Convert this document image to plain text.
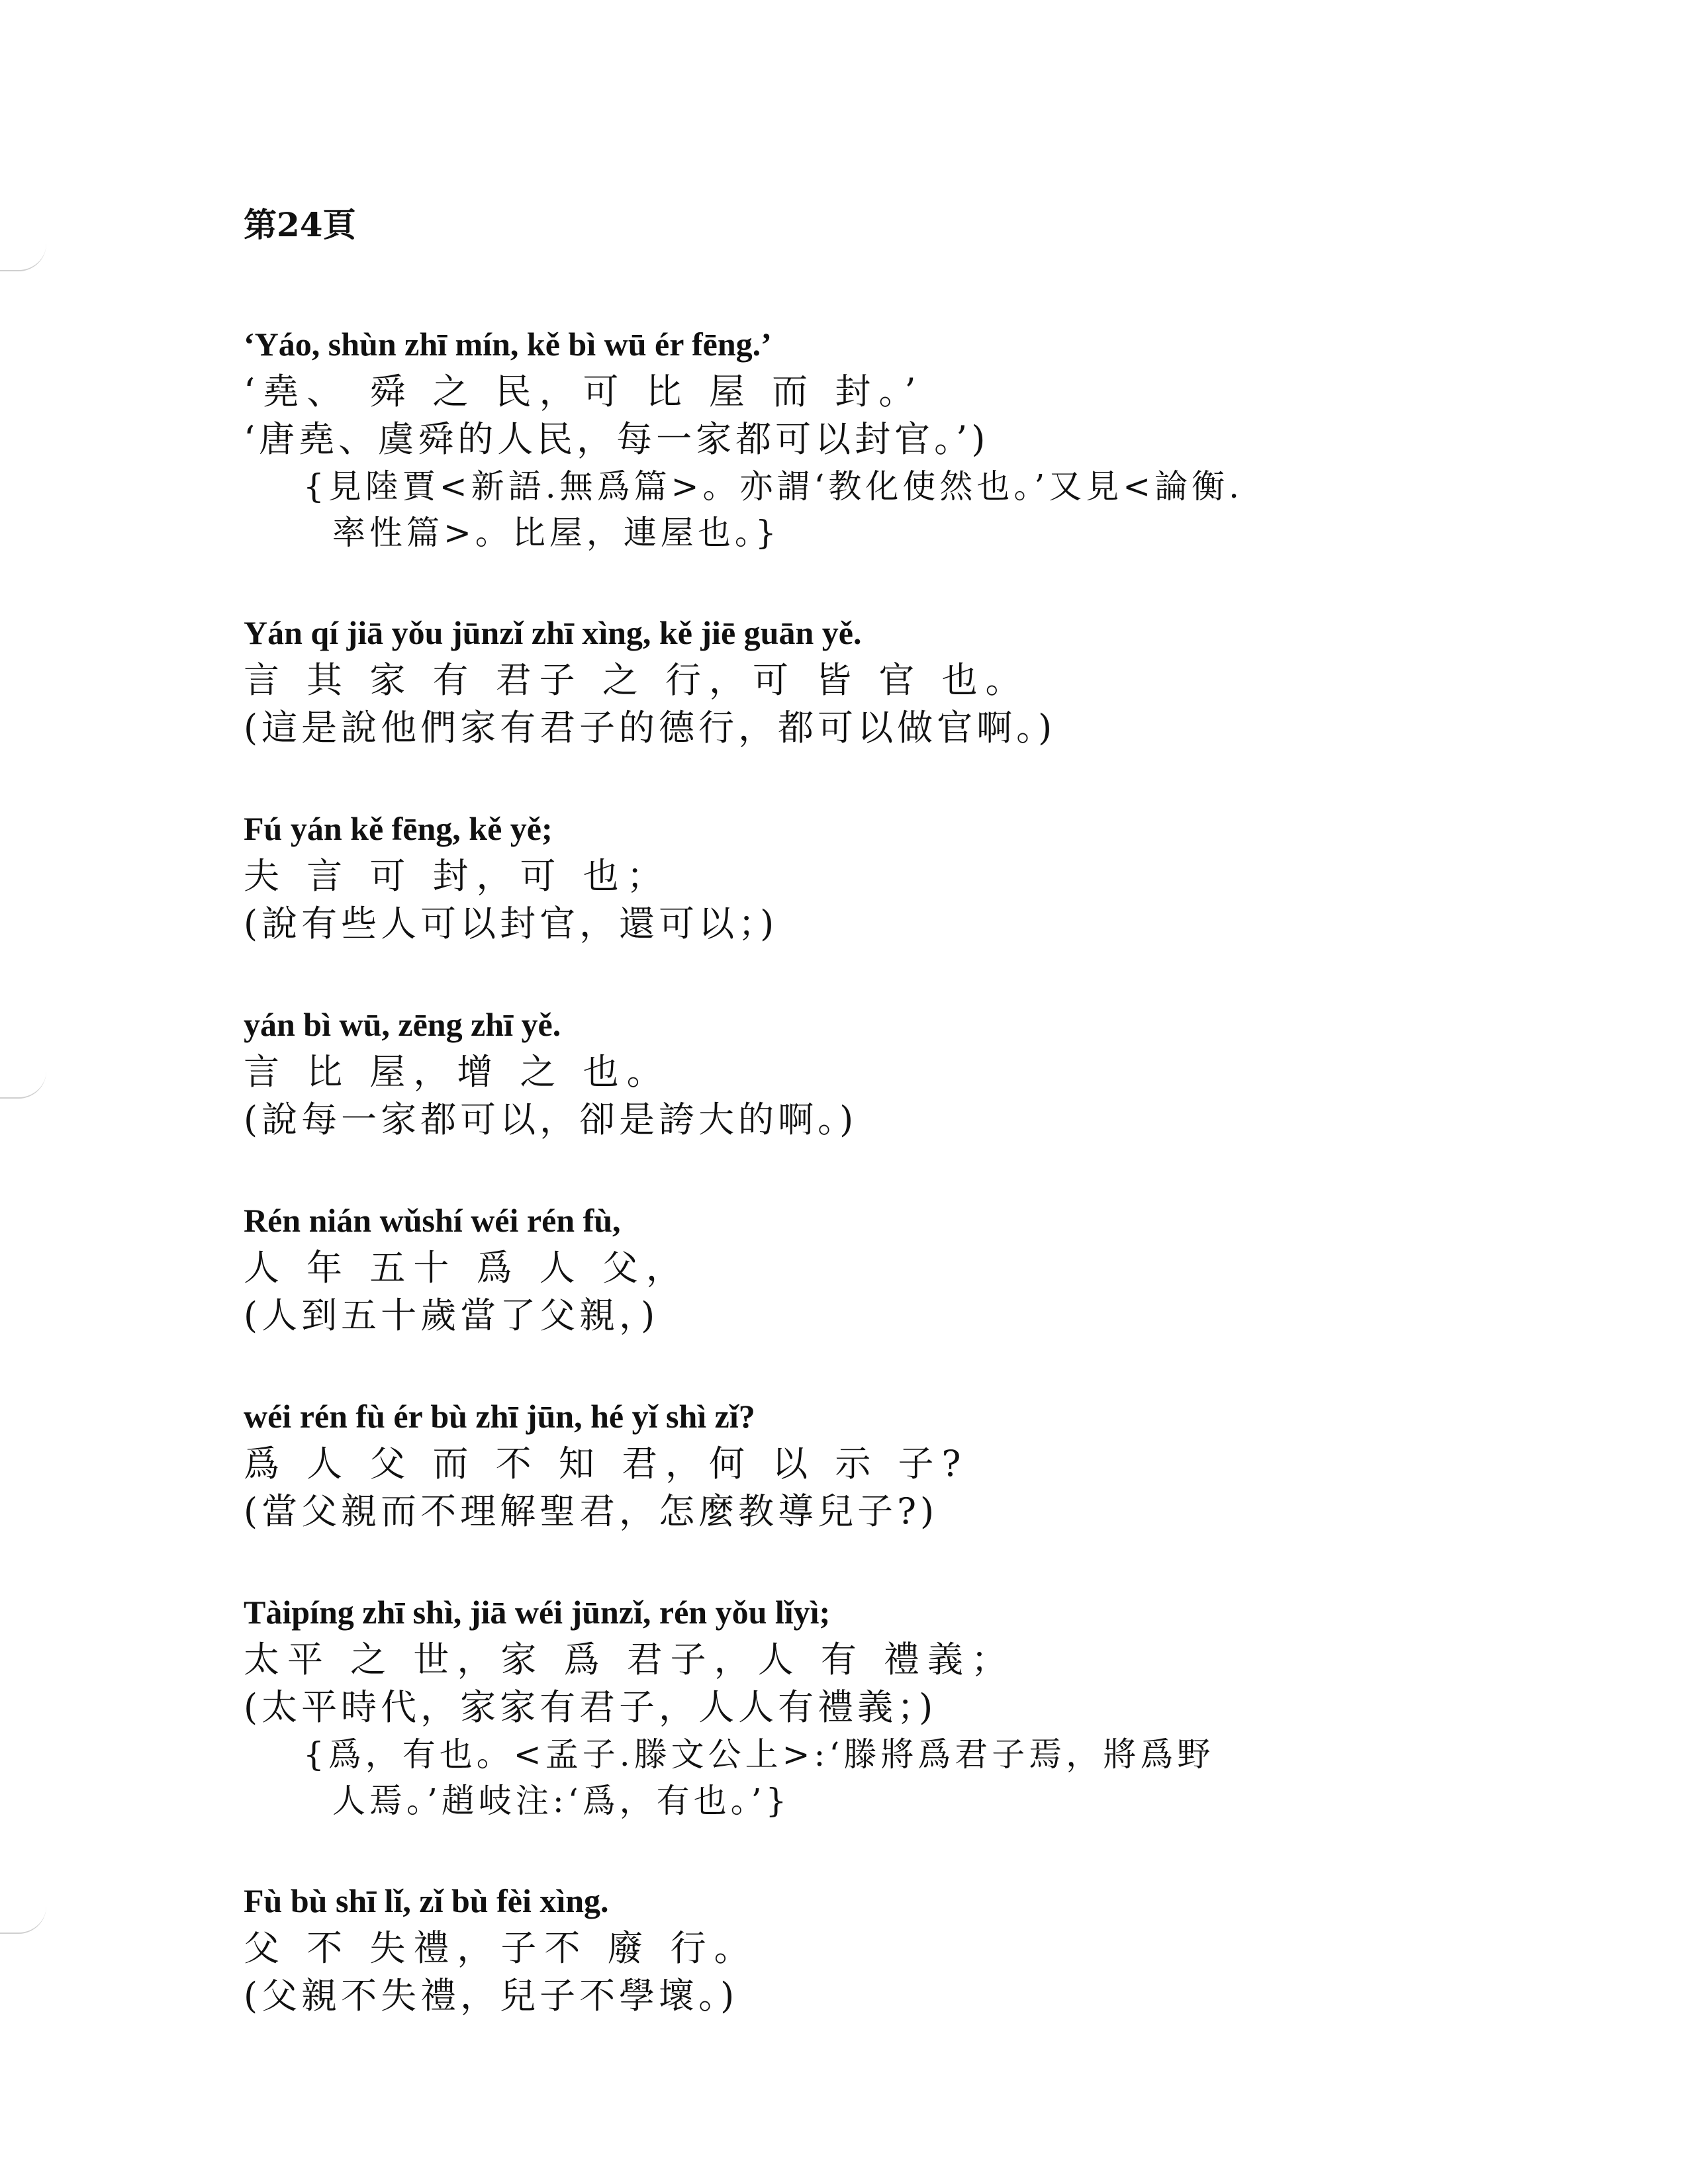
第24頁
‘Yáo, shùn zhī mín, kě bì wū ér fēng.’
‘堯、 舜 之 民，可 比 屋 而 封。’
‘唐堯、虞舜的人民，每一家都可以封官。’)
{見陸賈<新語.無爲篇>。亦謂‘教化使然也。’又見<論衡.
率性篇>。比屋，連屋也。}
Yán qí jiā yǒu jūnzǐ zhī xìng, kě jiē guān yě.
言 其 家 有 君子 之 行，可 皆 官 也。
(這是說他們家有君子的德行，都可以做官啊。)
Fú yán kě fēng, kě yě;
夫 言 可 封，可 也；
(說有些人可以封官，還可以；)
yán bì wū, zēng zhī yě.
言 比 屋，增 之 也。
(說每一家都可以，卻是誇大的啊。)
Rén nián wǔshí wéi rén fù,
人 年 五十 爲 人 父，
(人到五十歲當了父親，)
wéi rén fù ér bù zhī jūn, hé yǐ shì zǐ?
爲 人 父 而 不 知 君，何 以 示 子?
(當父親而不理解聖君，怎麼教導兒子?)
Tàipíng zhī shì, jiā wéi jūnzǐ, rén yǒu lǐyì;
太平 之 世，家 爲 君子，人 有 禮義；
(太平時代，家家有君子，人人有禮義；)
{爲，有也。<孟子.滕文公上>:‘滕將爲君子焉，將爲野
人焉。’趙岐注:‘爲，有也。’}
Fù bù shī lǐ, zǐ bù fèi xìng.
父 不 失禮，子不 廢 行。
(父親不失禮，兒子不學壞。)
